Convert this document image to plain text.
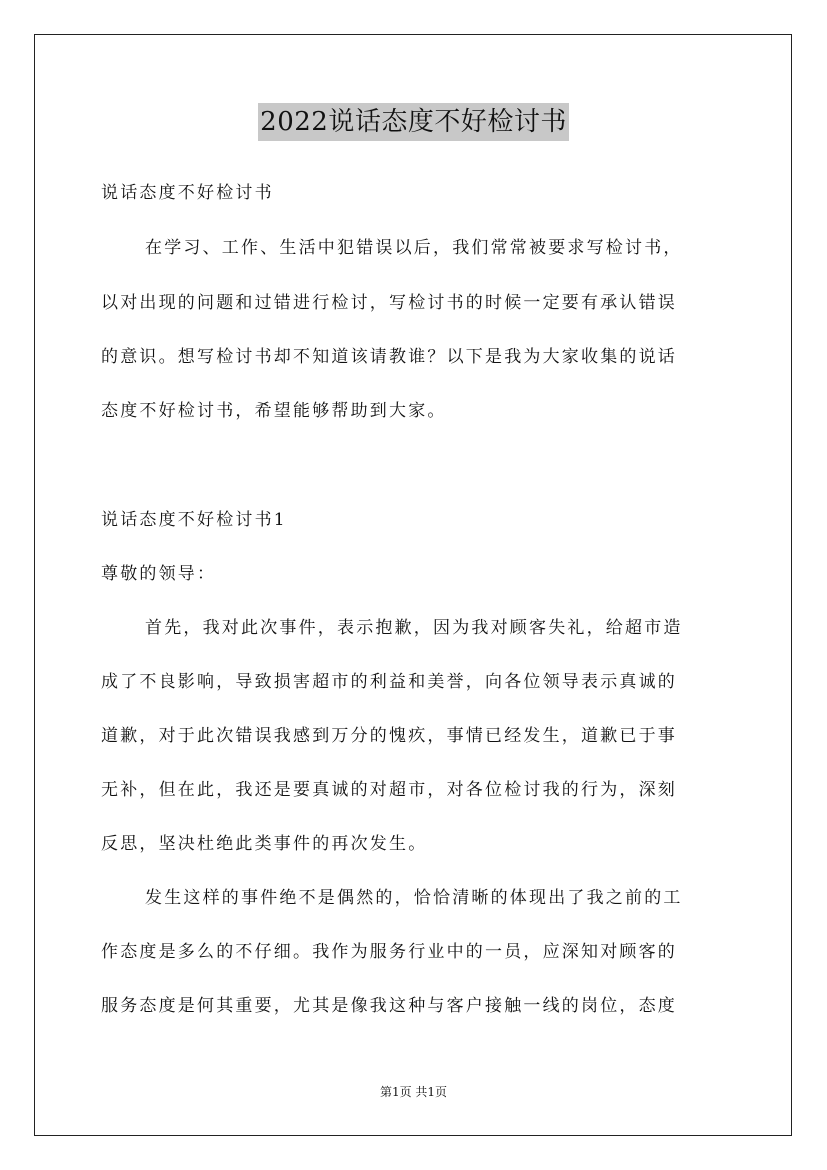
2022说话态度不好检讨书
说话态度不好检讨书
在学习、工作、生活中犯错误以后，我们常常被要求写检讨书，
以对出现的问题和过错进行检讨，写检讨书的时候一定要有承认错误
的意识。想写检讨书却不知道该请教谁？以下是我为大家收集的说话
态度不好检讨书，希望能够帮助到大家。
说话态度不好检讨书1
尊敬的领导：
首先，我对此次事件，表示抱歉，因为我对顾客失礼，给超市造
成了不良影响，导致损害超市的利益和美誉，向各位领导表示真诚的
道歉，对于此次错误我感到万分的愧疚，事情已经发生，道歉已于事
无补，但在此，我还是要真诚的对超市，对各位检讨我的行为，深刻
反思，坚决杜绝此类事件的再次发生。
发生这样的事件绝不是偶然的，恰恰清晰的体现出了我之前的工
作态度是多么的不仔细。我作为服务行业中的一员，应深知对顾客的
服务态度是何其重要，尤其是像我这种与客户接触一线的岗位，态度
第1页 共1页
